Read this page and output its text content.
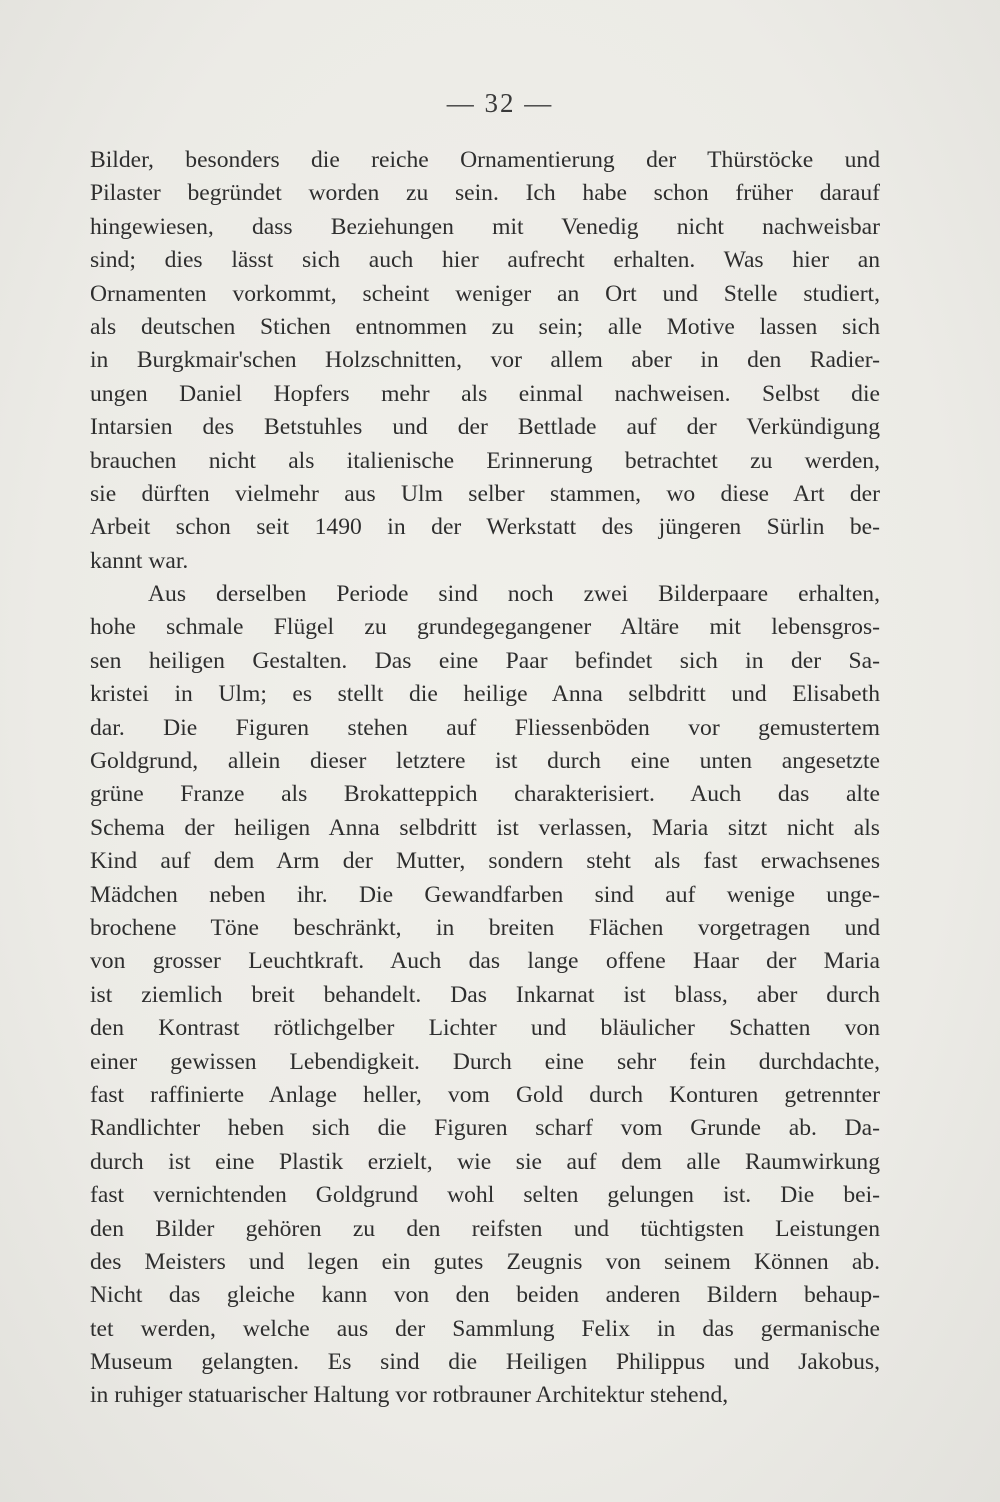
— 32 —
Bilder, besonders die reiche Ornamentierung der Thürstöcke und
Pilaster begründet worden zu sein. Ich habe schon früher darauf
hingewiesen, dass Beziehungen mit Venedig nicht nachweisbar
sind; dies lässt sich auch hier aufrecht erhalten. Was hier an
Ornamenten vorkommt, scheint weniger an Ort und Stelle studiert,
als deutschen Stichen entnommen zu sein; alle Motive lassen sich
in Burgkmair'schen Holzschnitten, vor allem aber in den Radier-
ungen Daniel Hopfers mehr als einmal nachweisen. Selbst die
Intarsien des Betstuhles und der Bettlade auf der Verkündigung
brauchen nicht als italienische Erinnerung betrachtet zu werden,
sie dürften vielmehr aus Ulm selber stammen, wo diese Art der
Arbeit schon seit 1490 in der Werkstatt des jüngeren Sürlin be-
kannt war.
Aus derselben Periode sind noch zwei Bilderpaare erhalten,
hohe schmale Flügel zu grundegegangener Altäre mit lebensgros-
sen heiligen Gestalten. Das eine Paar befindet sich in der Sa-
kristei in Ulm; es stellt die heilige Anna selbdritt und Elisabeth
dar. Die Figuren stehen auf Fliessenböden vor gemustertem
Goldgrund, allein dieser letztere ist durch eine unten angesetzte
grüne Franze als Brokatteppich charakterisiert. Auch das alte
Schema der heiligen Anna selbdritt ist verlassen, Maria sitzt nicht als
Kind auf dem Arm der Mutter, sondern steht als fast erwachsenes
Mädchen neben ihr. Die Gewandfarben sind auf wenige unge-
brochene Töne beschränkt, in breiten Flächen vorgetragen und
von grosser Leuchtkraft. Auch das lange offene Haar der Maria
ist ziemlich breit behandelt. Das Inkarnat ist blass, aber durch
den Kontrast rötlichgelber Lichter und bläulicher Schatten von
einer gewissen Lebendigkeit. Durch eine sehr fein durchdachte,
fast raffinierte Anlage heller, vom Gold durch Konturen getrennter
Randlichter heben sich die Figuren scharf vom Grunde ab. Da-
durch ist eine Plastik erzielt, wie sie auf dem alle Raumwirkung
fast vernichtenden Goldgrund wohl selten gelungen ist. Die bei-
den Bilder gehören zu den reifsten und tüchtigsten Leistungen
des Meisters und legen ein gutes Zeugnis von seinem Können ab.
Nicht das gleiche kann von den beiden anderen Bildern behaup-
tet werden, welche aus der Sammlung Felix in das germanische
Museum gelangten. Es sind die Heiligen Philippus und Jakobus,
in ruhiger statuarischer Haltung vor rotbrauner Architektur stehend,
